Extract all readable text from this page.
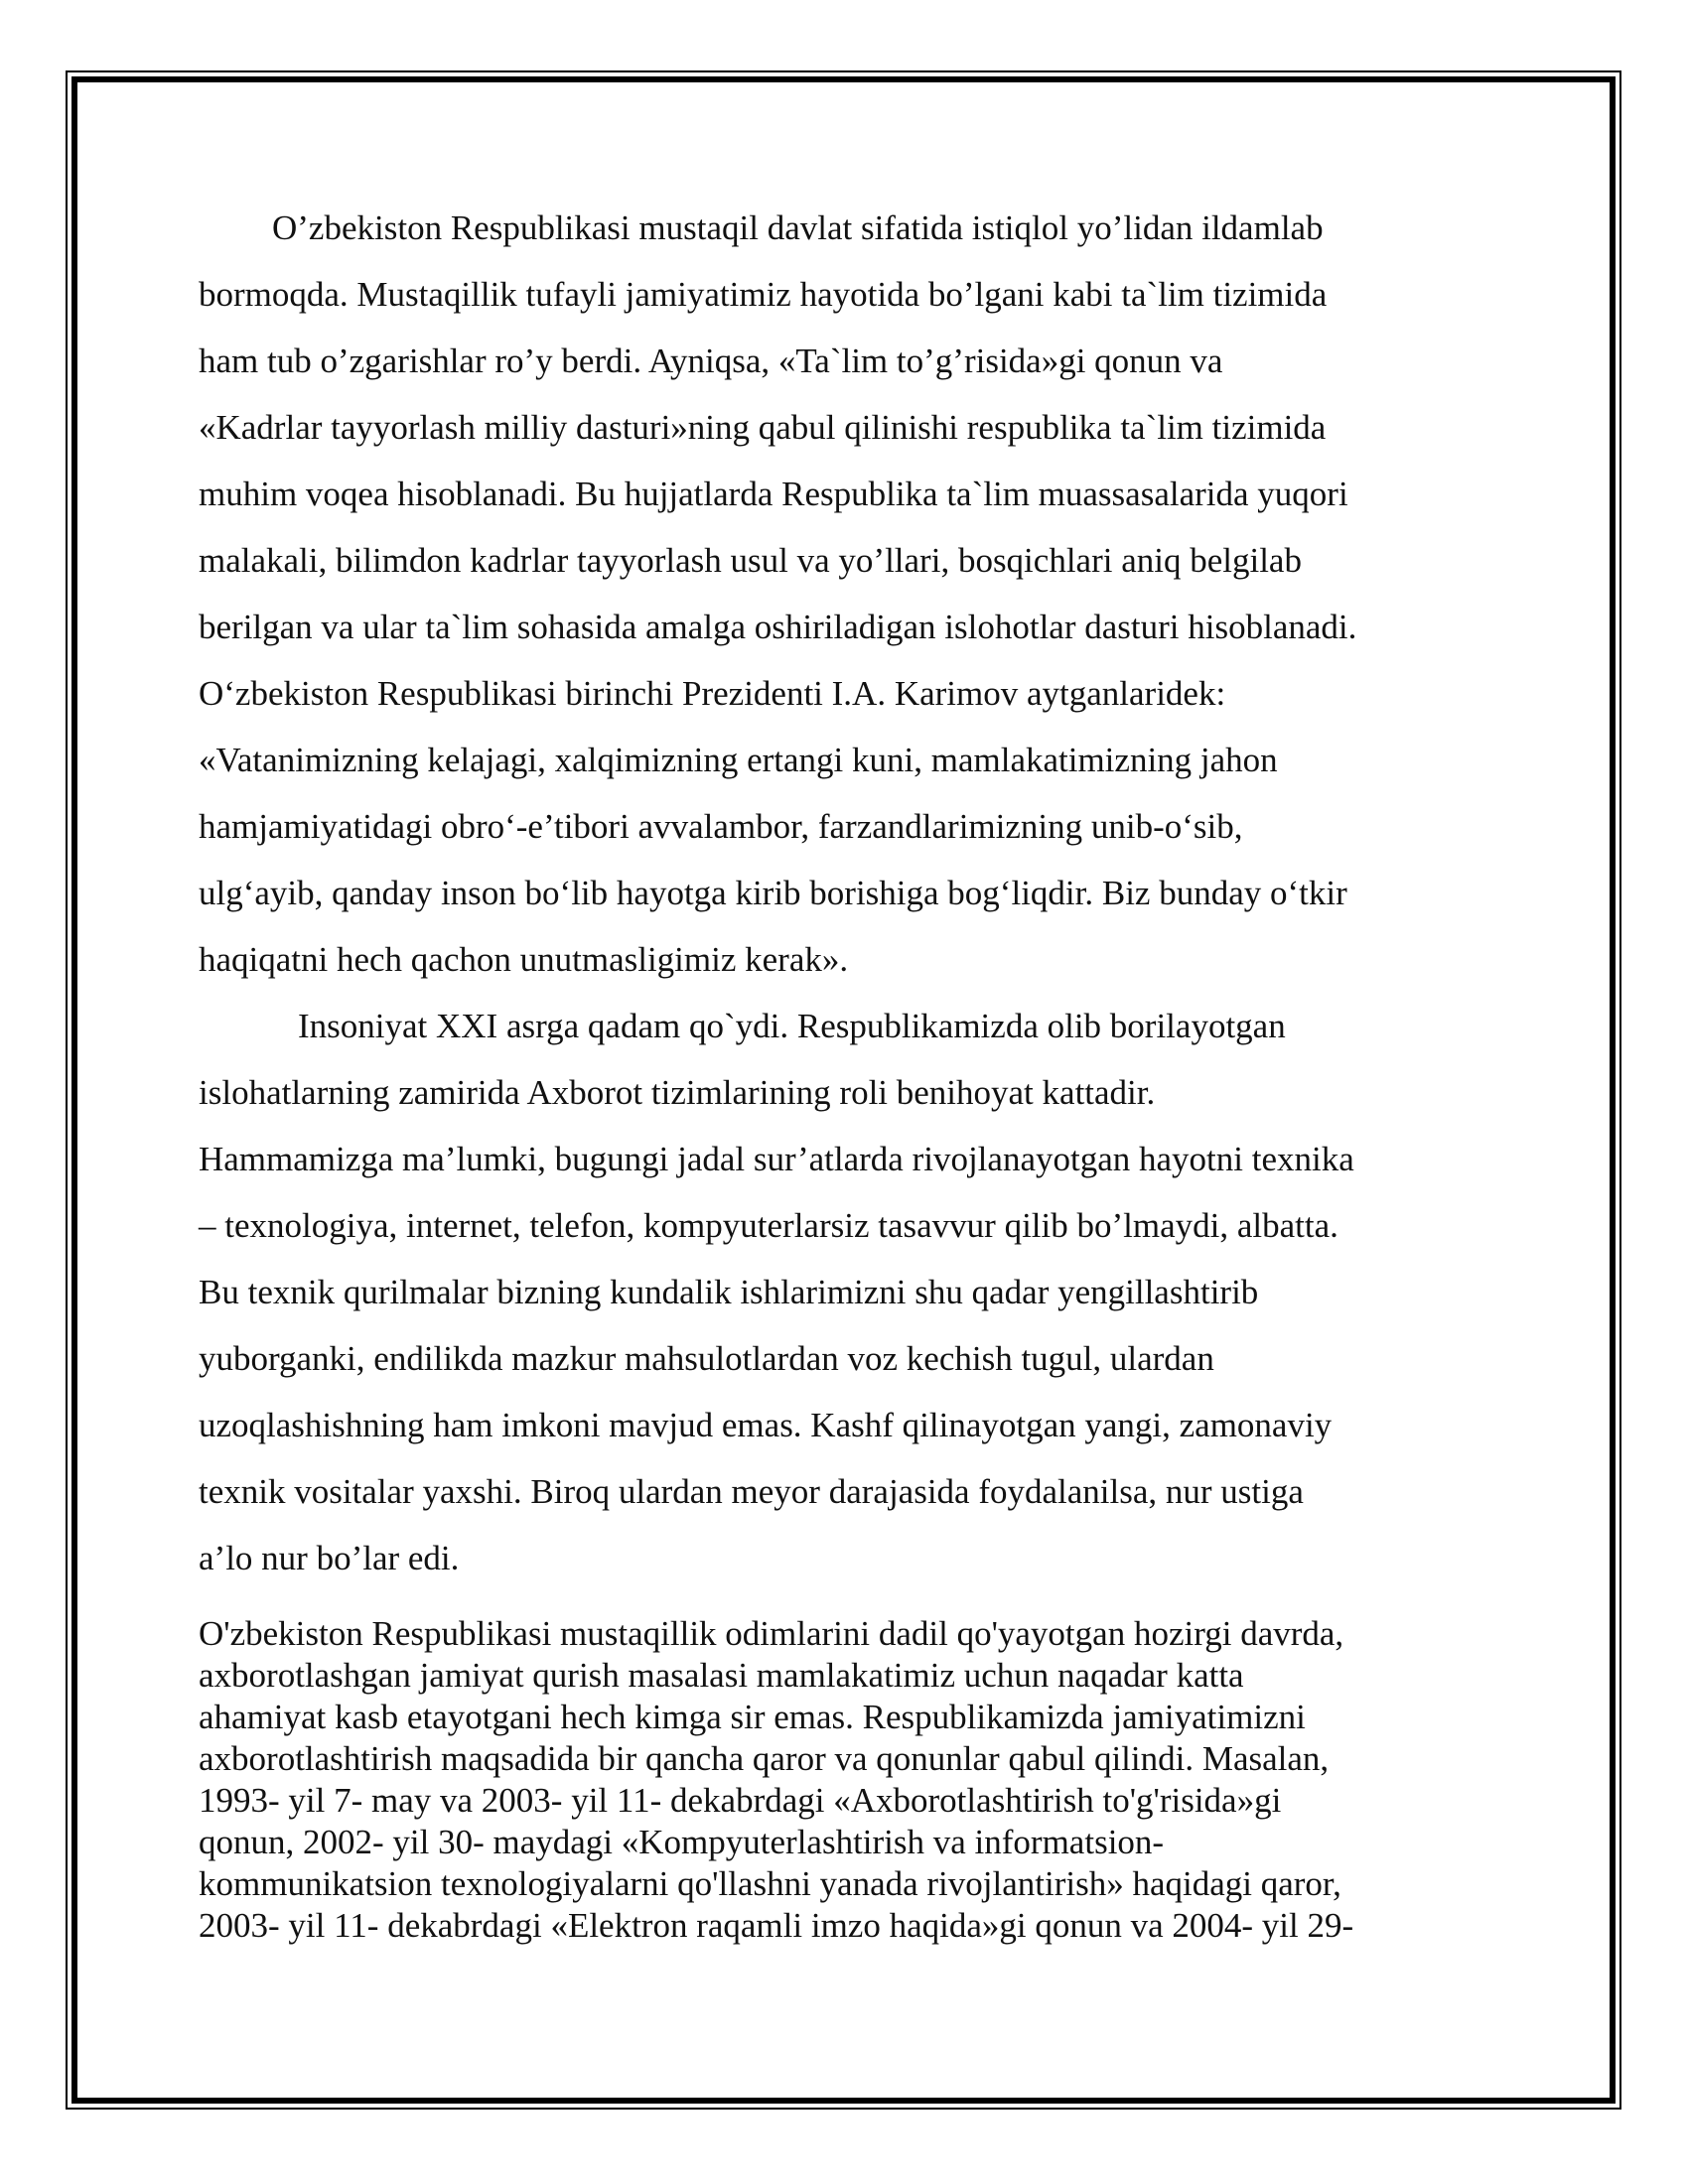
O’zbekiston Respublikasi mustaqil davlat sifatida istiqlol yo’lidan ildamlab
bormoqda. Mustaqillik tufayli jamiyatimiz hayotida bo’lgani kabi ta`lim tizimida
ham tub o’zgarishlar ro’y berdi. Ayniqsa, «Ta`lim to’g’risida»gi qonun va
«Kadrlar tayyorlash milliy dasturi»ning qabul qilinishi respublika ta`lim tizimida
muhim voqea hisoblanadi. Bu hujjatlarda Respublika ta`lim muassasalarida yuqori
malakali, bilimdon kadrlar tayyorlash usul va yo’llari, bosqichlari aniq belgilab
berilgan va ular ta`lim sohasida amalga oshiriladigan islohotlar dasturi hisoblanadi.
O‘zbekiston Respublikasi birinchi Prezidenti I.A. Karimov aytganlaridek:
«Vatanimizning kelajagi, xalqimizning ertangi kuni, mamlakatimizning jahon
hamjamiyatidagi obro‘-e’tibori avvalambor, farzandlarimizning unib-o‘sib,
ulg‘ayib, qanday inson bo‘lib hayotga kirib borishiga bog‘liqdir. Biz bunday o‘tkir
haqiqatni hech qachon unutmasligimiz kerak».
Insoniyat XXI asrga qadam qo`ydi. Respublikamizda olib borilayotgan
islohatlarning zamirida Axborot tizimlarining roli benihoyat kattadir.
Hammamizga ma’lumki, bugungi jadal sur’atlarda rivojlanayotgan hayotni texnika
– texnologiya, internet, telefon, kompyuterlarsiz tasavvur qilib bo’lmaydi, albatta.
Bu texnik qurilmalar bizning kundalik ishlarimizni shu qadar yengillashtirib
yuborganki, endilikda mazkur mahsulotlardan voz kechish tugul, ulardan
uzoqlashishning ham imkoni mavjud emas. Kashf qilinayotgan yangi, zamonaviy
texnik vositalar yaxshi. Biroq ulardan meyor darajasida foydalanilsa, nur ustiga
a’lo nur bo’lar edi.
O'zbekiston Respublikasi mustaqillik odimlarini dadil qo'yayotgan hozirgi davrda,
axborotlashgan jamiyat qurish masalasi mamlakatimiz uchun naqadar katta
ahamiyat kasb etayotgani hech kimga sir emas. Respublikamizda jamiyatimizni
axborotlashtirish maqsadida bir qancha qaror va qonunlar qabul qilindi. Masalan,
1993- yil 7- may va 2003- yil 11- dekabrdagi «Axborotlashtirish to'g'risida»gi
qonun, 2002- yil 30- maydagi «Kompyuterlashtirish va informatsion-
kommunikatsion texnologiyalarni qo'llashni yanada rivojlantirish» haqidagi qaror,
2003- yil 11- dekabrdagi «Elektron raqamli imzo haqida»gi qonun va 2004- yil 29-
